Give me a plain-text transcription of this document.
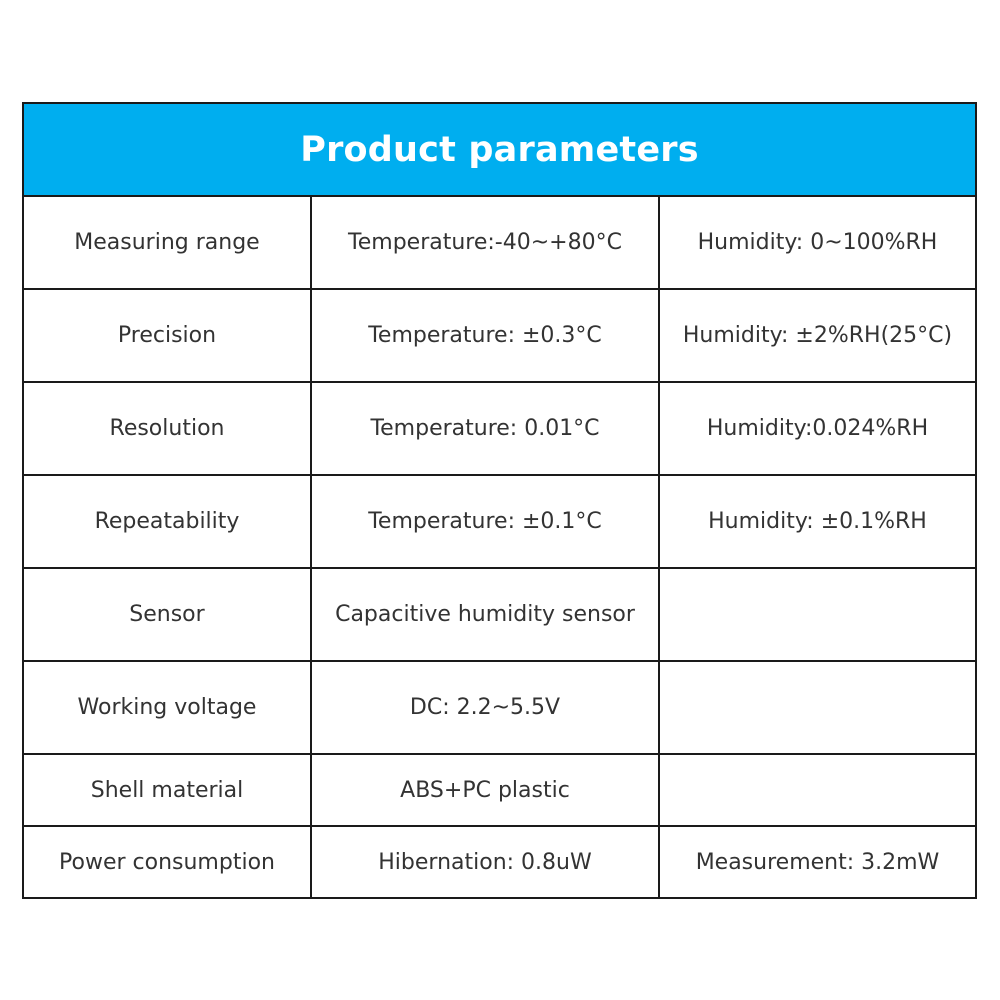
Product parameters
Measuring range	Temperature:-40~+80°C	Humidity: 0~100%RH
Precision	Temperature: ±0.3°C	Humidity: ±2%RH(25°C)
Resolution	Temperature: 0.01°C	Humidity:0.024%RH
Repeatability	Temperature: ±0.1°C	Humidity: ±0.1%RH
Sensor	Capacitive humidity sensor	
Working voltage	DC: 2.2~5.5V	
Shell material	ABS+PC plastic	
Power consumption	Hibernation: 0.8uW	Measurement: 3.2mW
